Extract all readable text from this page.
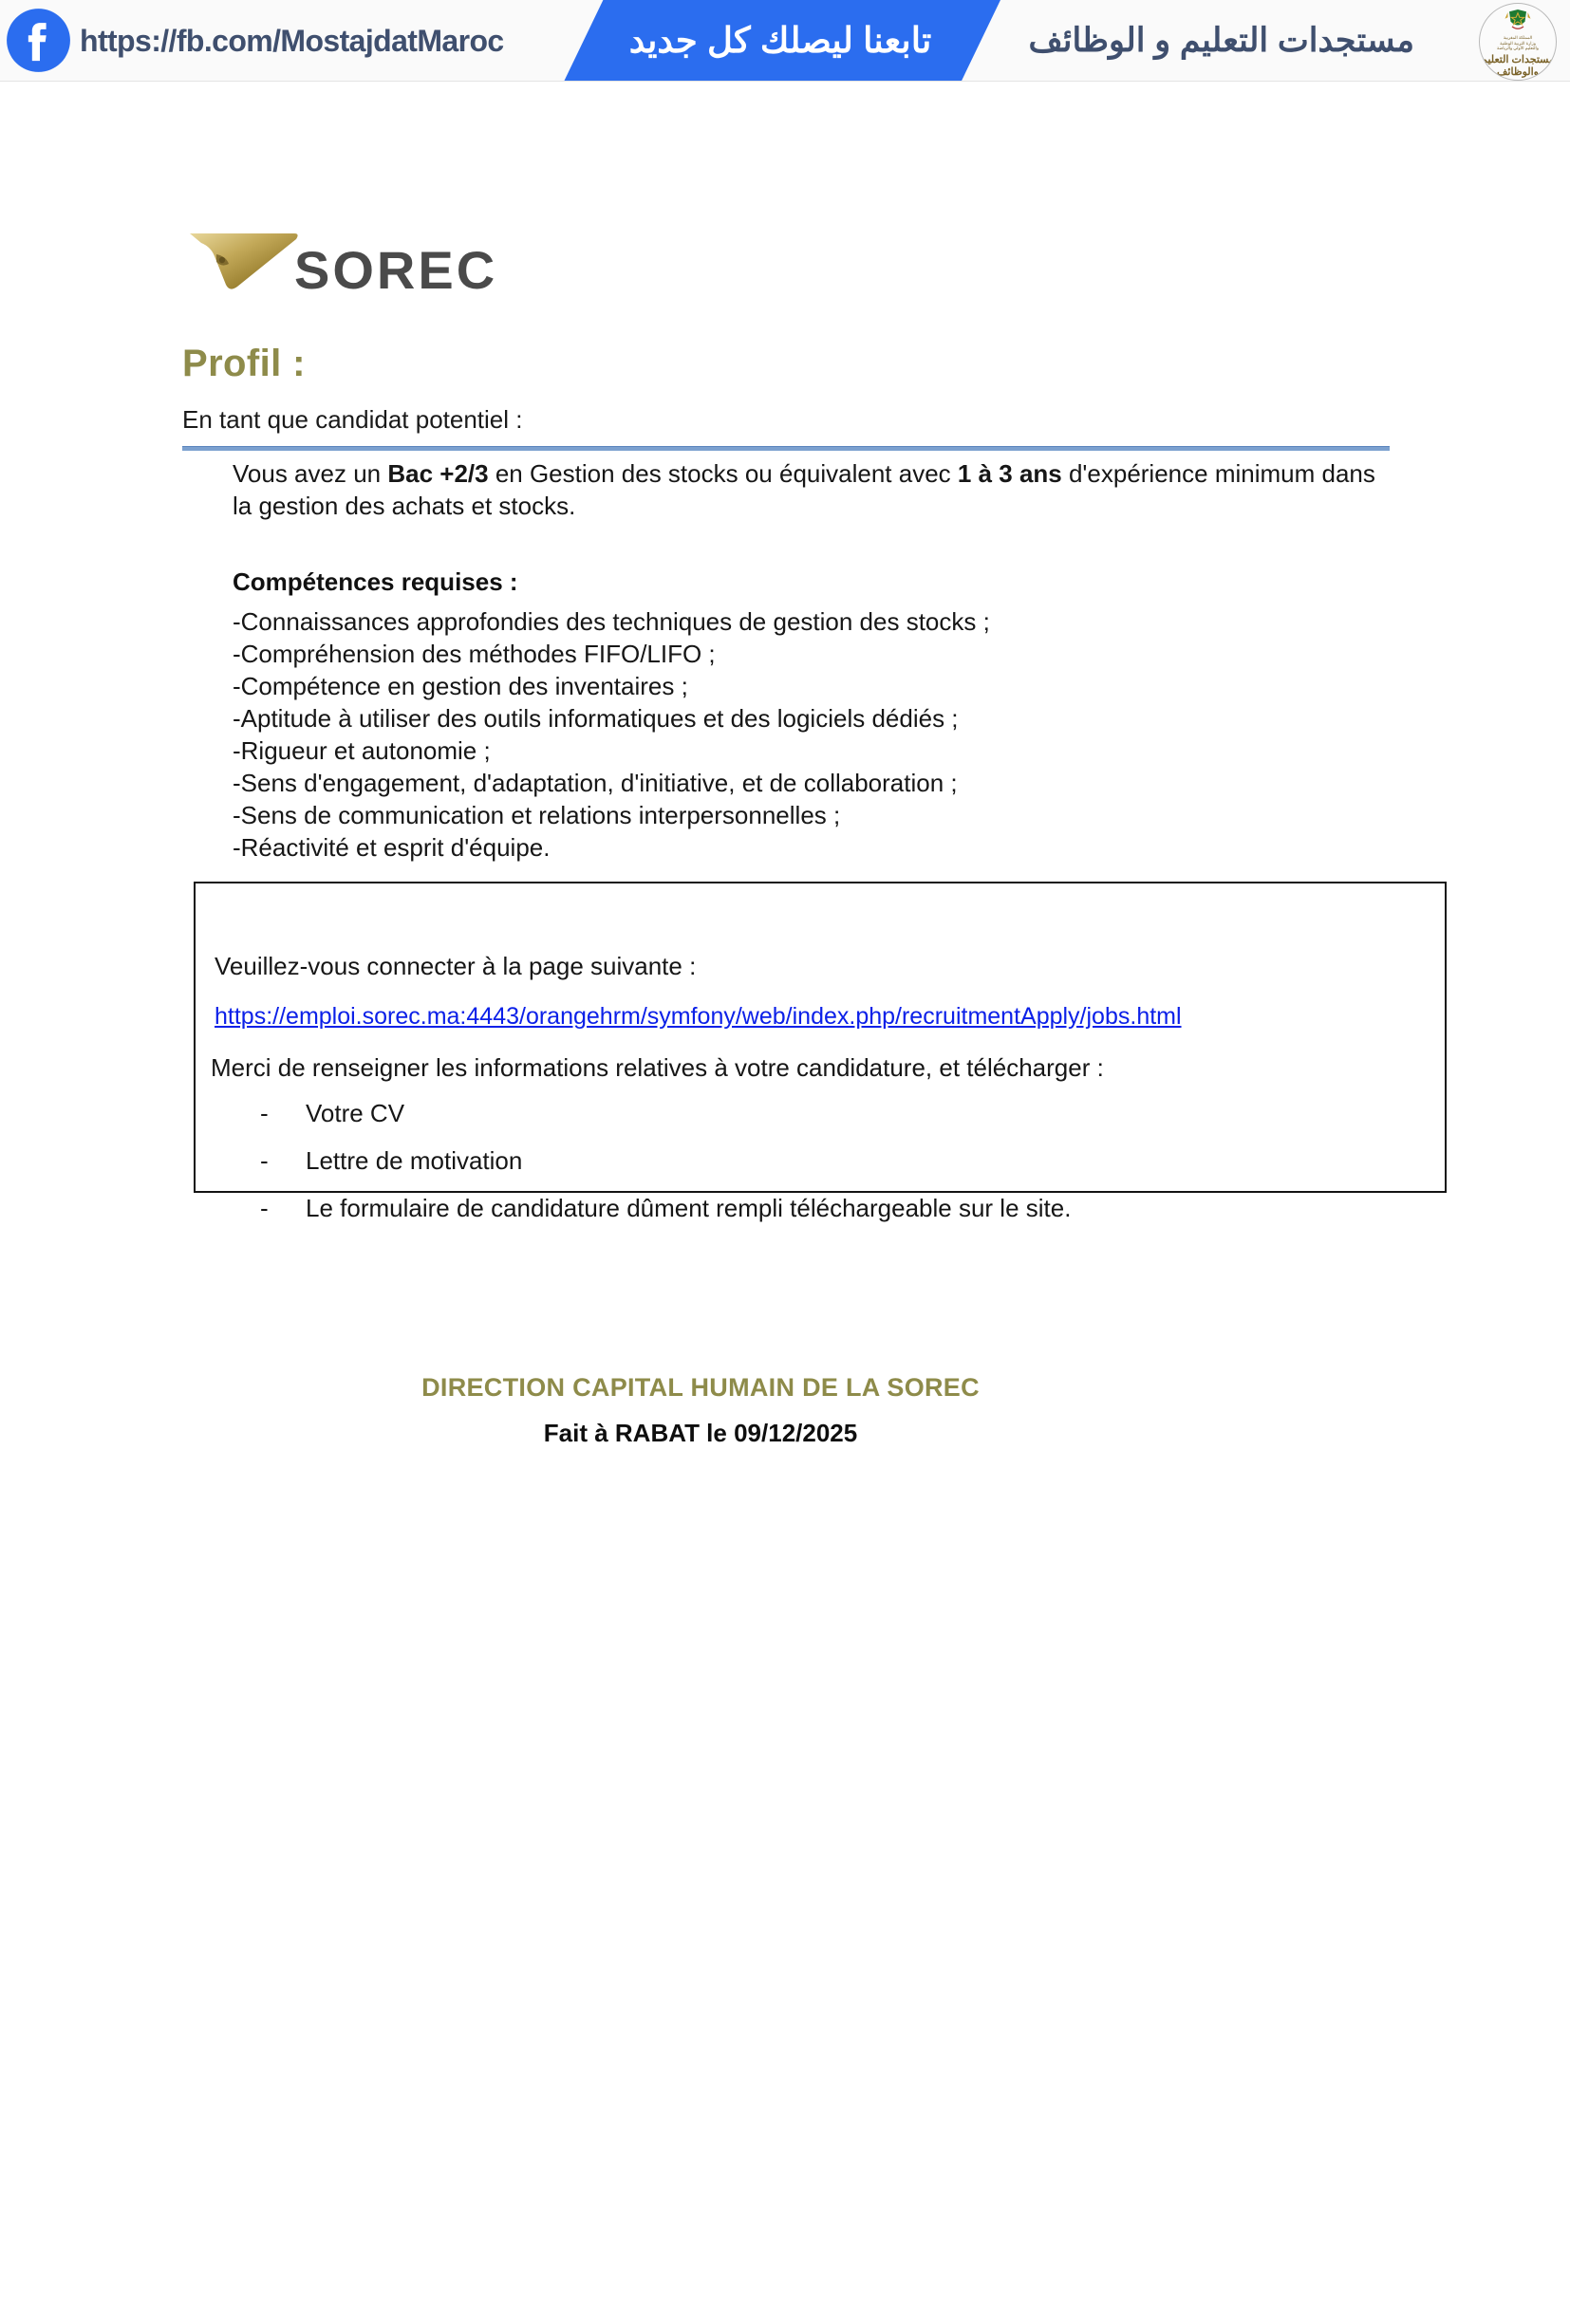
https://fb.com/MostajdatMaroc	تابعنا ليصلك كل جديد	مستجدات التعليم و الوظائف	المملكة المغربية
وزارة التربية الوطنية
والتعليم الأولي والرياضة
مستجدات التعليم
والوظائف
SOREC
Profil :
En tant que candidat potentiel :
Vous avez un Bac +2/3 en Gestion des stocks ou équivalent avec 1 à 3 ans d'expérience minimum dans la gestion des achats et stocks.
Compétences requises :
-Connaissances approfondies des techniques de gestion des stocks ;
-Compréhension des méthodes FIFO/LIFO ;
-Compétence en gestion des inventaires ;
-Aptitude à utiliser des outils informatiques et des logiciels dédiés ;
-Rigueur et autonomie ;
-Sens d'engagement, d'adaptation, d'initiative, et de collaboration ;
-Sens de communication et relations interpersonnelles ;
-Réactivité et esprit d'équipe.
Veuillez-vous connecter à la page suivante :
https://emploi.sorec.ma:4443/orangehrm/symfony/web/index.php/recruitmentApply/jobs.html
Merci de renseigner les informations relatives à votre candidature, et télécharger :
- Votre CV
- Lettre de motivation
- Le formulaire de candidature dûment rempli téléchargeable sur le site.
DIRECTION CAPITAL HUMAIN DE LA SOREC
Fait à RABAT le 09/12/2025
